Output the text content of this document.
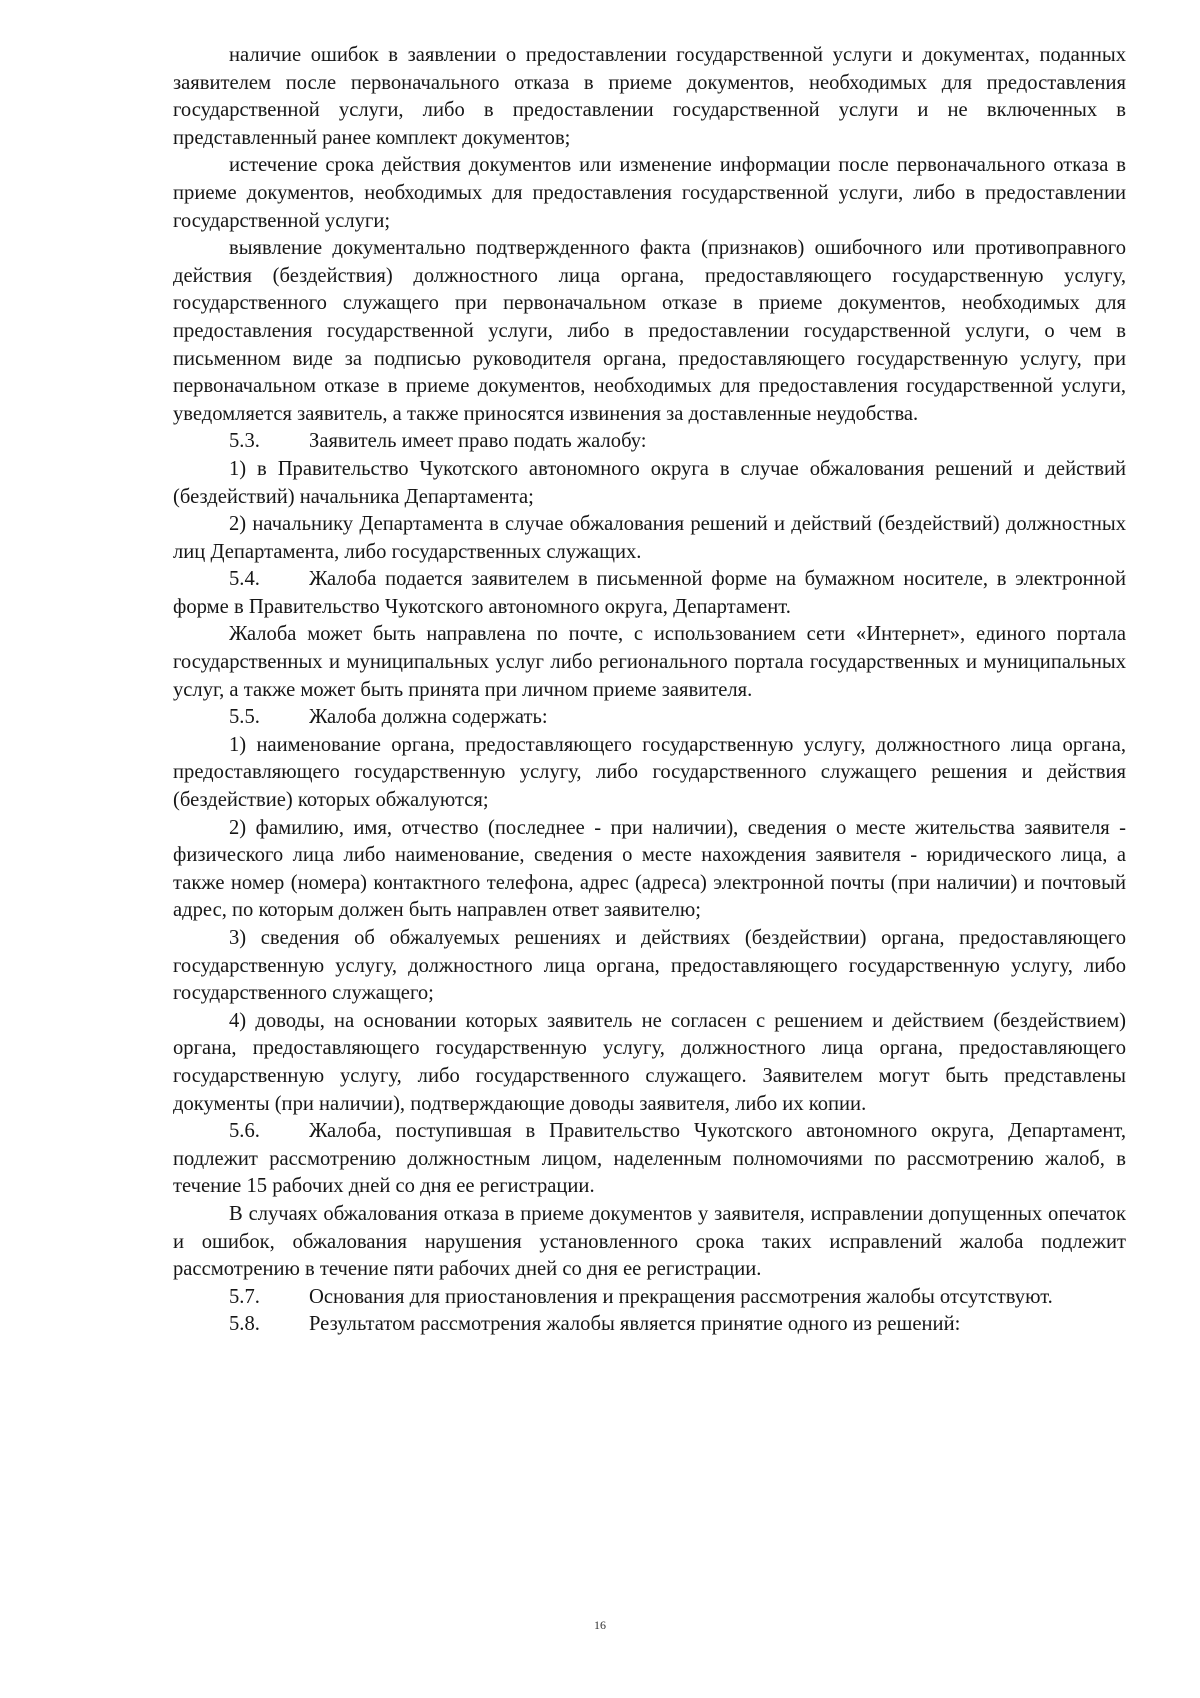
наличие ошибок в заявлении о предоставлении государственной услуги и документах, поданных заявителем после первоначального отказа в приеме документов, необходимых для предоставления государственной услуги, либо в предоставлении государственной услуги и не включенных в представленный ранее комплект документов;

истечение срока действия документов или изменение информации после первоначального отказа в приеме документов, необходимых для предоставления государственной услуги, либо в предоставлении государственной услуги;

выявление документально подтвержденного факта (признаков) ошибочного или противоправного действия (бездействия) должностного лица органа, предоставляющего государственную услугу, государственного служащего при первоначальном отказе в приеме документов, необходимых для предоставления государственной услуги, либо в предоставлении государственной услуги, о чем в письменном виде за подписью руководителя органа, предоставляющего государственную услугу, при первоначальном отказе в приеме документов, необходимых для предоставления государственной услуги, уведомляется заявитель, а также приносятся извинения за доставленные неудобства.

5.3. Заявитель имеет право подать жалобу:

1) в Правительство Чукотского автономного округа в случае обжалования решений и действий (бездействий) начальника Департамента;

2) начальнику Департамента в случае обжалования решений и действий (бездействий) должностных лиц Департамента, либо государственных служащих.

5.4. Жалоба подается заявителем в письменной форме на бумажном носителе, в электронной форме в Правительство Чукотского автономного округа, Департамент.

Жалоба может быть направлена по почте, с использованием сети «Интернет», единого портала государственных и муниципальных услуг либо регионального портала государственных и муниципальных услуг, а также может быть принята при личном приеме заявителя.

5.5. Жалоба должна содержать:

1) наименование органа, предоставляющего государственную услугу, должностного лица органа, предоставляющего государственную услугу, либо государственного служащего решения и действия (бездействие) которых обжалуются;

2) фамилию, имя, отчество (последнее - при наличии), сведения о месте жительства заявителя - физического лица либо наименование, сведения о месте нахождения заявителя - юридического лица, а также номер (номера) контактного телефона, адрес (адреса) электронной почты (при наличии) и почтовый адрес, по которым должен быть направлен ответ заявителю;

3) сведения об обжалуемых решениях и действиях (бездействии) органа, предоставляющего государственную услугу, должностного лица органа, предоставляющего государственную услугу, либо государственного служащего;

4) доводы, на основании которых заявитель не согласен с решением и действием (бездействием) органа, предоставляющего государственную услугу, должностного лица органа, предоставляющего государственную услугу, либо государственного служащего. Заявителем могут быть представлены документы (при наличии), подтверждающие доводы заявителя, либо их копии.

5.6. Жалоба, поступившая в Правительство Чукотского автономного округа, Департамент, подлежит рассмотрению должностным лицом, наделенным полномочиями по рассмотрению жалоб, в течение 15 рабочих дней со дня ее регистрации.

В случаях обжалования отказа в приеме документов у заявителя, исправлении допущенных опечаток и ошибок, обжалования нарушения установленного срока таких исправлений жалоба подлежит рассмотрению в течение пяти рабочих дней со дня ее регистрации.

5.7. Основания для приостановления и прекращения рассмотрения жалобы отсутствуют.

5.8. Результатом рассмотрения жалобы является принятие одного из решений:

16
